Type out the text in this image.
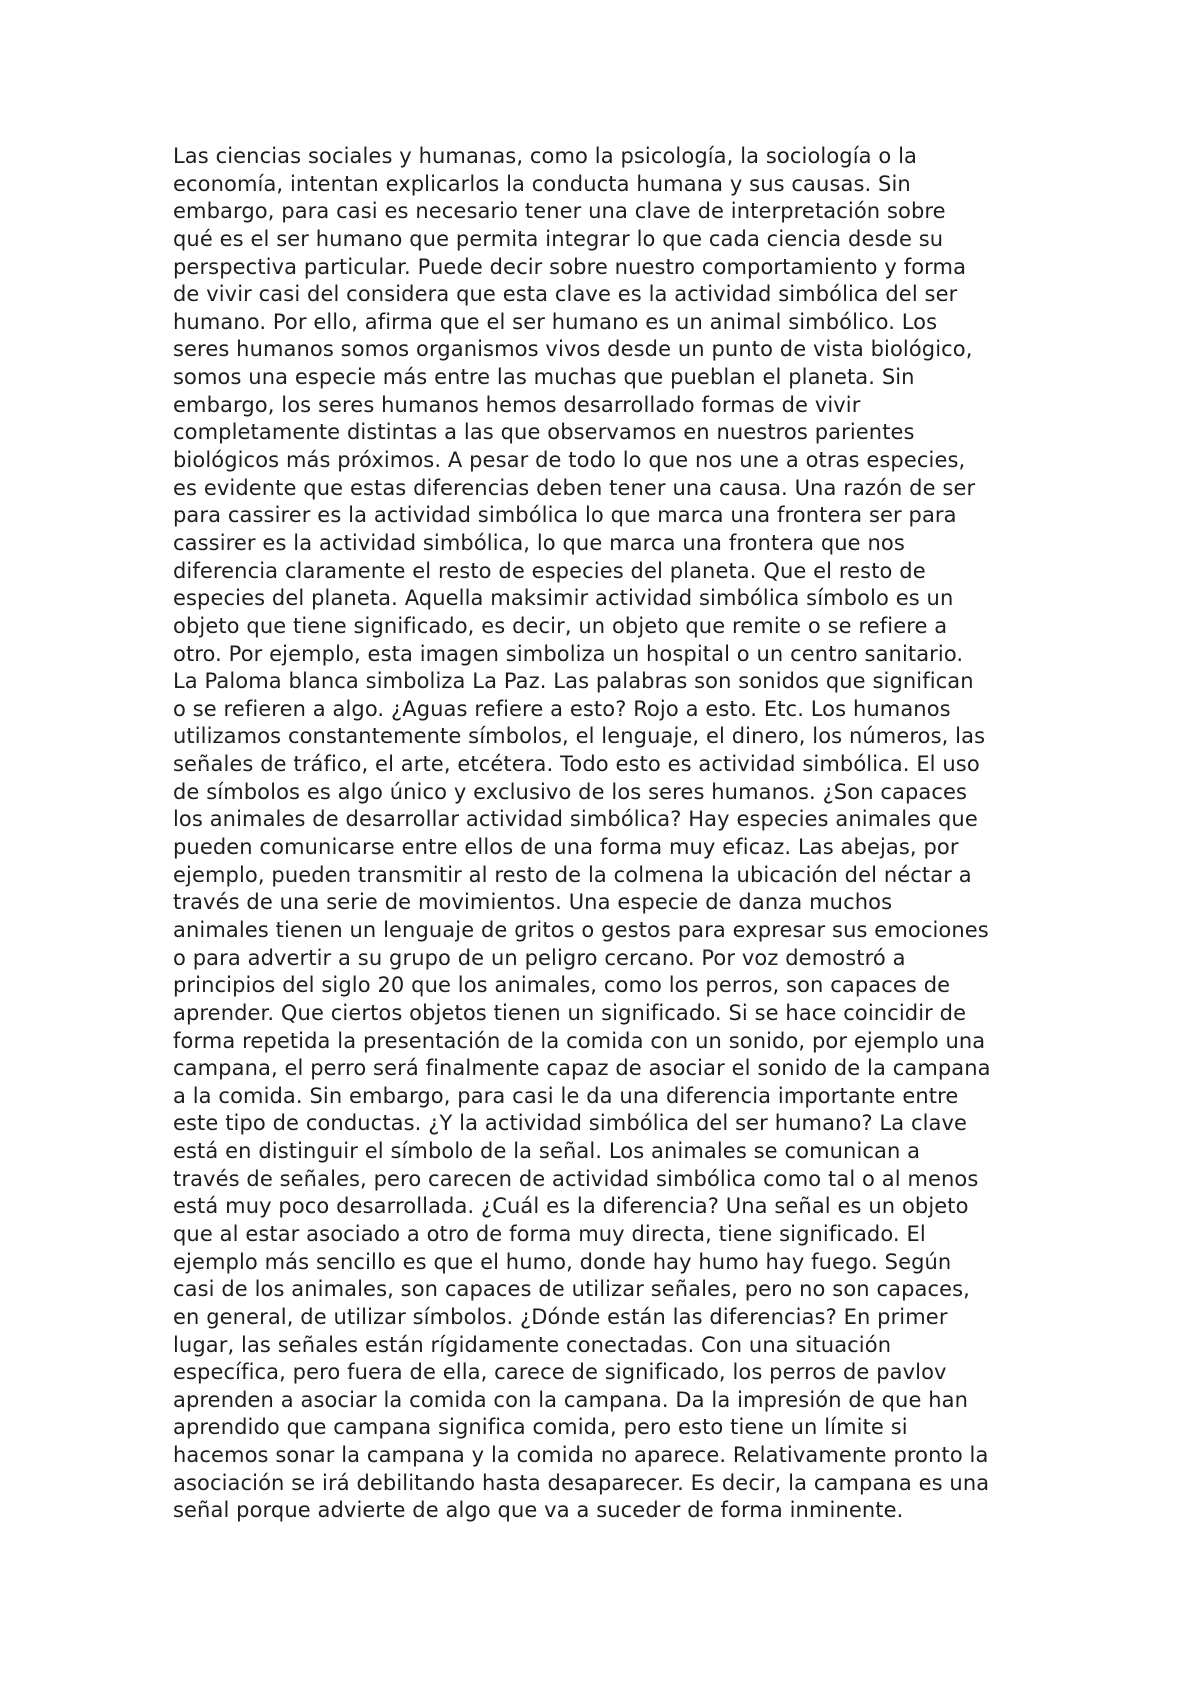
Las ciencias sociales y humanas, como la psicología, la sociología o la
economía, intentan explicarlos la conducta humana y sus causas. Sin
embargo, para casi es necesario tener una clave de interpretación sobre
qué es el ser humano que permita integrar lo que cada ciencia desde su
perspectiva particular. Puede decir sobre nuestro comportamiento y forma
de vivir casi del considera que esta clave es la actividad simbólica del ser
humano. Por ello, afirma que el ser humano es un animal simbólico. Los
seres humanos somos organismos vivos desde un punto de vista biológico,
somos una especie más entre las muchas que pueblan el planeta. Sin
embargo, los seres humanos hemos desarrollado formas de vivir
completamente distintas a las que observamos en nuestros parientes
biológicos más próximos. A pesar de todo lo que nos une a otras especies,
es evidente que estas diferencias deben tener una causa. Una razón de ser
para cassirer es la actividad simbólica lo que marca una frontera ser para
cassirer es la actividad simbólica, lo que marca una frontera que nos
diferencia claramente el resto de especies del planeta. Que el resto de
especies del planeta. Aquella maksimir actividad simbólica símbolo es un
objeto que tiene significado, es decir, un objeto que remite o se refiere a
otro. Por ejemplo, esta imagen simboliza un hospital o un centro sanitario.
La Paloma blanca simboliza La Paz. Las palabras son sonidos que significan
o se refieren a algo. ¿Aguas refiere a esto? Rojo a esto. Etc. Los humanos
utilizamos constantemente símbolos, el lenguaje, el dinero, los números, las
señales de tráfico, el arte, etcétera. Todo esto es actividad simbólica. El uso
de símbolos es algo único y exclusivo de los seres humanos. ¿Son capaces
los animales de desarrollar actividad simbólica? Hay especies animales que
pueden comunicarse entre ellos de una forma muy eficaz. Las abejas, por
ejemplo, pueden transmitir al resto de la colmena la ubicación del néctar a
través de una serie de movimientos. Una especie de danza muchos
animales tienen un lenguaje de gritos o gestos para expresar sus emociones
o para advertir a su grupo de un peligro cercano. Por voz demostró a
principios del siglo 20 que los animales, como los perros, son capaces de
aprender. Que ciertos objetos tienen un significado. Si se hace coincidir de
forma repetida la presentación de la comida con un sonido, por ejemplo una
campana, el perro será finalmente capaz de asociar el sonido de la campana
a la comida. Sin embargo, para casi le da una diferencia importante entre
este tipo de conductas. ¿Y la actividad simbólica del ser humano? La clave
está en distinguir el símbolo de la señal. Los animales se comunican a
través de señales, pero carecen de actividad simbólica como tal o al menos
está muy poco desarrollada. ¿Cuál es la diferencia? Una señal es un objeto
que al estar asociado a otro de forma muy directa, tiene significado. El
ejemplo más sencillo es que el humo, donde hay humo hay fuego. Según
casi de los animales, son capaces de utilizar señales, pero no son capaces,
en general, de utilizar símbolos. ¿Dónde están las diferencias? En primer
lugar, las señales están rígidamente conectadas. Con una situación
específica, pero fuera de ella, carece de significado, los perros de pavlov
aprenden a asociar la comida con la campana. Da la impresión de que han
aprendido que campana significa comida, pero esto tiene un límite si
hacemos sonar la campana y la comida no aparece. Relativamente pronto la
asociación se irá debilitando hasta desaparecer. Es decir, la campana es una
señal porque advierte de algo que va a suceder de forma inminente.
